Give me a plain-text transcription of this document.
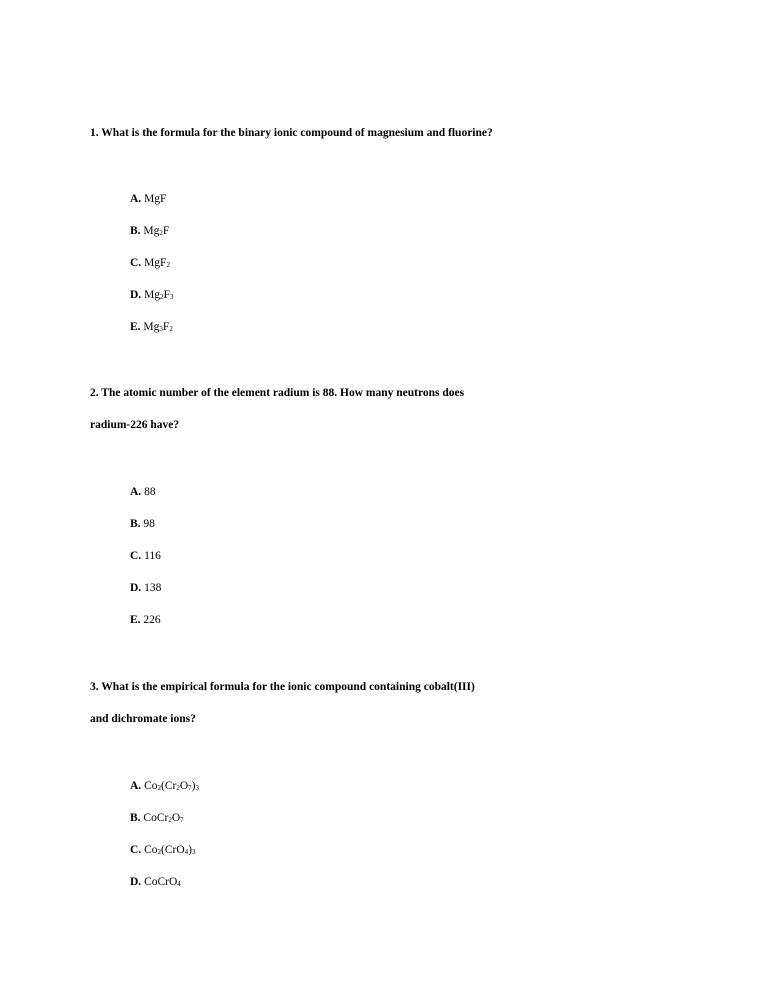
1. What is the formula for the binary ionic compound of magnesium and fluorine?
A. MgF
B. $Mg_2F$
C. MgF$_2$
D. $Mg_2F_3$
E. $Mg_3F_2$
2. The atomic number of the element radium is 88. How many neutrons does
radium-226 have?
A. 88
B. 98
C. 116
D. 138
E. 226
3. What is the empirical formula for the ionic compound containing cobalt(III)
and dichromate ions?
A. $Co_2(Cr_2O_7)_3$
B. $CoCr_2O_7$
C. $Co_2(CrO_4)_3$
D. CoCrO$_4$
